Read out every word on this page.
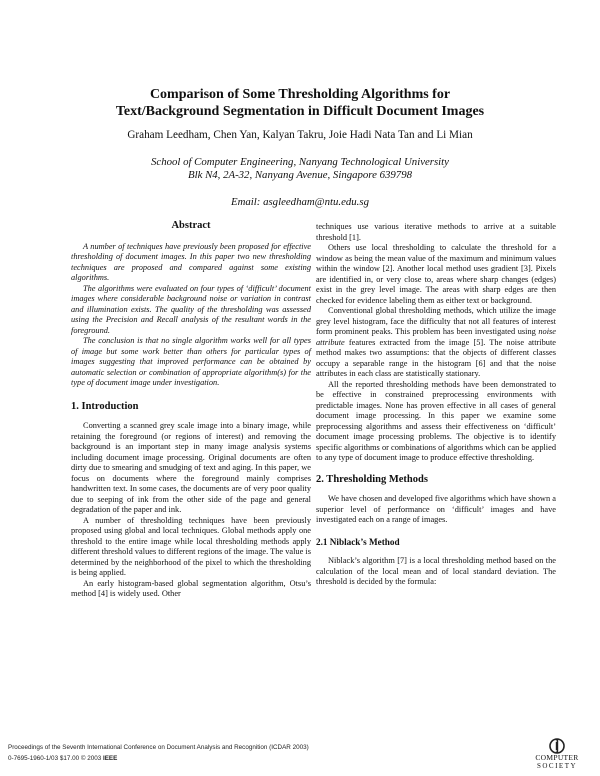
Comparison of Some Thresholding Algorithms for
Text/Background Segmentation in Difficult Document Images
Graham Leedham, Chen Yan, Kalyan Takru, Joie Hadi Nata Tan and Li Mian
School of Computer Engineering, Nanyang Technological University
Blk N4, 2A-32, Nanyang Avenue, Singapore 639798
Email: asgleedham@ntu.edu.sg
Abstract

A number of techniques have previously been proposed for effective thresholding of document images. In this paper two new thresholding techniques are proposed and compared against some existing algorithms.

The algorithms were evaluated on four types of ‘difficult’ document images where considerable background noise or variation in contrast and illumination exists. The quality of the thresholding was assessed using the Precision and Recall analysis of the resultant words in the foreground.

The conclusion is that no single algorithm works well for all types of image but some work better than others for particular types of images suggesting that improved performance can be obtained by automatic selection or combination of appropriate algorithm(s) for the type of document image under investigation.

1. Introduction

Converting a scanned grey scale image into a binary image, while retaining the foreground (or regions of interest) and removing the background is an important step in many image analysis systems including document image processing. Original documents are often dirty due to smearing and smudging of text and aging. In this paper, we focus on documents where the foreground mainly comprises handwritten text. In some cases, the documents are of very poor quality due to seeping of ink from the other side of the page and general degradation of the paper and ink.

A number of thresholding techniques have been previously proposed using global and local techniques. Global methods apply one threshold to the entire image while local thresholding methods apply different threshold values to different regions of the image. The value is determined by the neighborhood of the pixel to which the thresholding is being applied.

An early histogram-based global segmentation algorithm, Otsu’s method [4] is widely used. Other

techniques use various iterative methods to arrive at a suitable threshold [1].

Others use local thresholding to calculate the threshold for a window as being the mean value of the maximum and minimum values within the window [2]. Another local method uses gradient [3]. Pixels are identified in, or very close to, areas where sharp changes (edges) exist in the grey level image. The areas with sharp edges are then checked for evidence labeling them as either text or background.

Conventional global thresholding methods, which utilize the image grey level histogram, face the difficulty that not all features of interest form prominent peaks. This problem has been investigated using noise attribute features extracted from the image [5]. The noise attribute method makes two assumptions: that the objects of different classes occupy a separable range in the histogram [6] and that the noise attributes in each class are statistically stationary.

All the reported thresholding methods have been demonstrated to be effective in constrained preprocessing environments with predictable images. None has proven effective in all cases of general document image processing. In this paper we examine some preprocessing algorithms and assess their effectiveness on ‘difficult’ document image processing problems. The objective is to identify specific algorithms or combinations of algorithms which can be applied to any type of document image to produce effective thresholding.

2. Thresholding Methods

We have chosen and developed five algorithms which have shown a superior level of performance on ‘difficult’ images and have investigated each on a range of images.

2.1 Niblack’s Method

Niblack’s algorithm [7] is a local thresholding method based on the calculation of the local mean and of local standard deviation. The threshold is decided by the formula:

Proceedings of the Seventh International Conference on Document Analysis and Recognition (ICDAR 2003)
0-7695-1960-1/03 $17.00 © 2003 IEEE	COMPUTER
SOCIETY
